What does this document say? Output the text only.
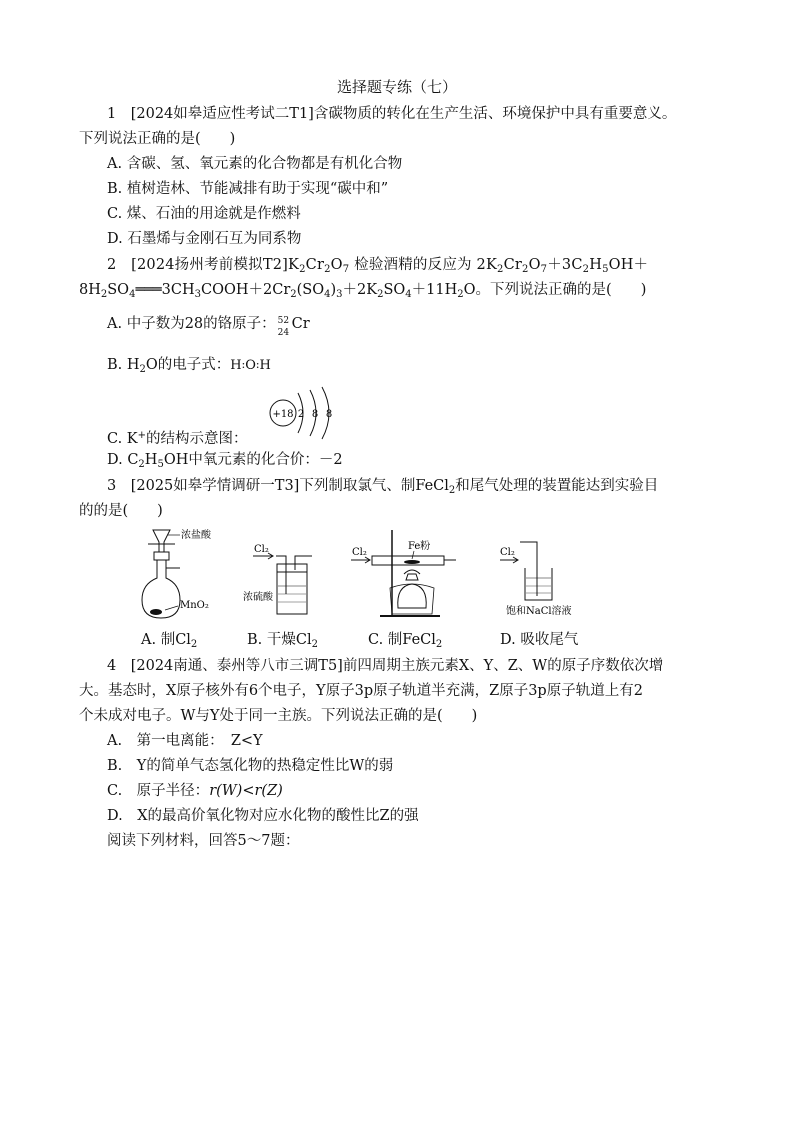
选择题专练（七）
1　[2024如皋适应性考试二T1]含碳物质的转化在生产生活、环境保护中具有重要意义。
下列说法正确的是(　　)
A. 含碳、氢、氧元素的化合物都是有机化合物
B. 植树造林、节能减排有助于实现“碳中和”
C. 煤、石油的用途就是作燃料
D. 石墨烯与金刚石互为同系物
2　[2024扬州考前模拟$T2]K_2Cr_2O_7$ 检验酒精的反应为 $2K_2Cr_2O_7+3C_2H_5OH+$
$8H_2SO_4═══3CH_3COOH+2Cr_2(SO_4)_3+2K_2SO_4+11H_2O$。下列说法正确的是(　　)
A. 中子数为28的铬原子： 52
24
Cr
B. $H_2O$的电子式：H꞉O꞉H
+18 2 8 8
C. K+的结构示意图：
D. $C_2H_5OH$中氧元素的化合价：－2
3　[2025如皋学情调研一T3]下列制取氯气、制FeCl$_2$和尾气处理的装置能达到实验目
的的是(　　)
浓盐酸
MnO₂
Cl₂
浓硫酸
Cl₂
Fe粉
Cl₂
饱和NaCl溶液
A. 制$Cl_2$	B. 干燥$Cl_2$	C. 制FeCl$_2$	D. 吸收尾气
4　[2024南通、泰州等八市三调T5]前四周期主族元素X、Y、Z、W的原子序数依次增
大。基态时，X原子核外有6个电子，Y原子3p原子轨道半充满，Z原子3p原子轨道上有2
个未成对电子。W与Y处于同一主族。下列说法正确的是(　　)
A.　第一电离能：　Z<Y
B.　Y的简单气态氢化物的热稳定性比W的弱
C.　原子半径：r(W)<r(Z)
D.　X的最高价氧化物对应水化物的酸性比Z的强
阅读下列材料，回答5～7题：
